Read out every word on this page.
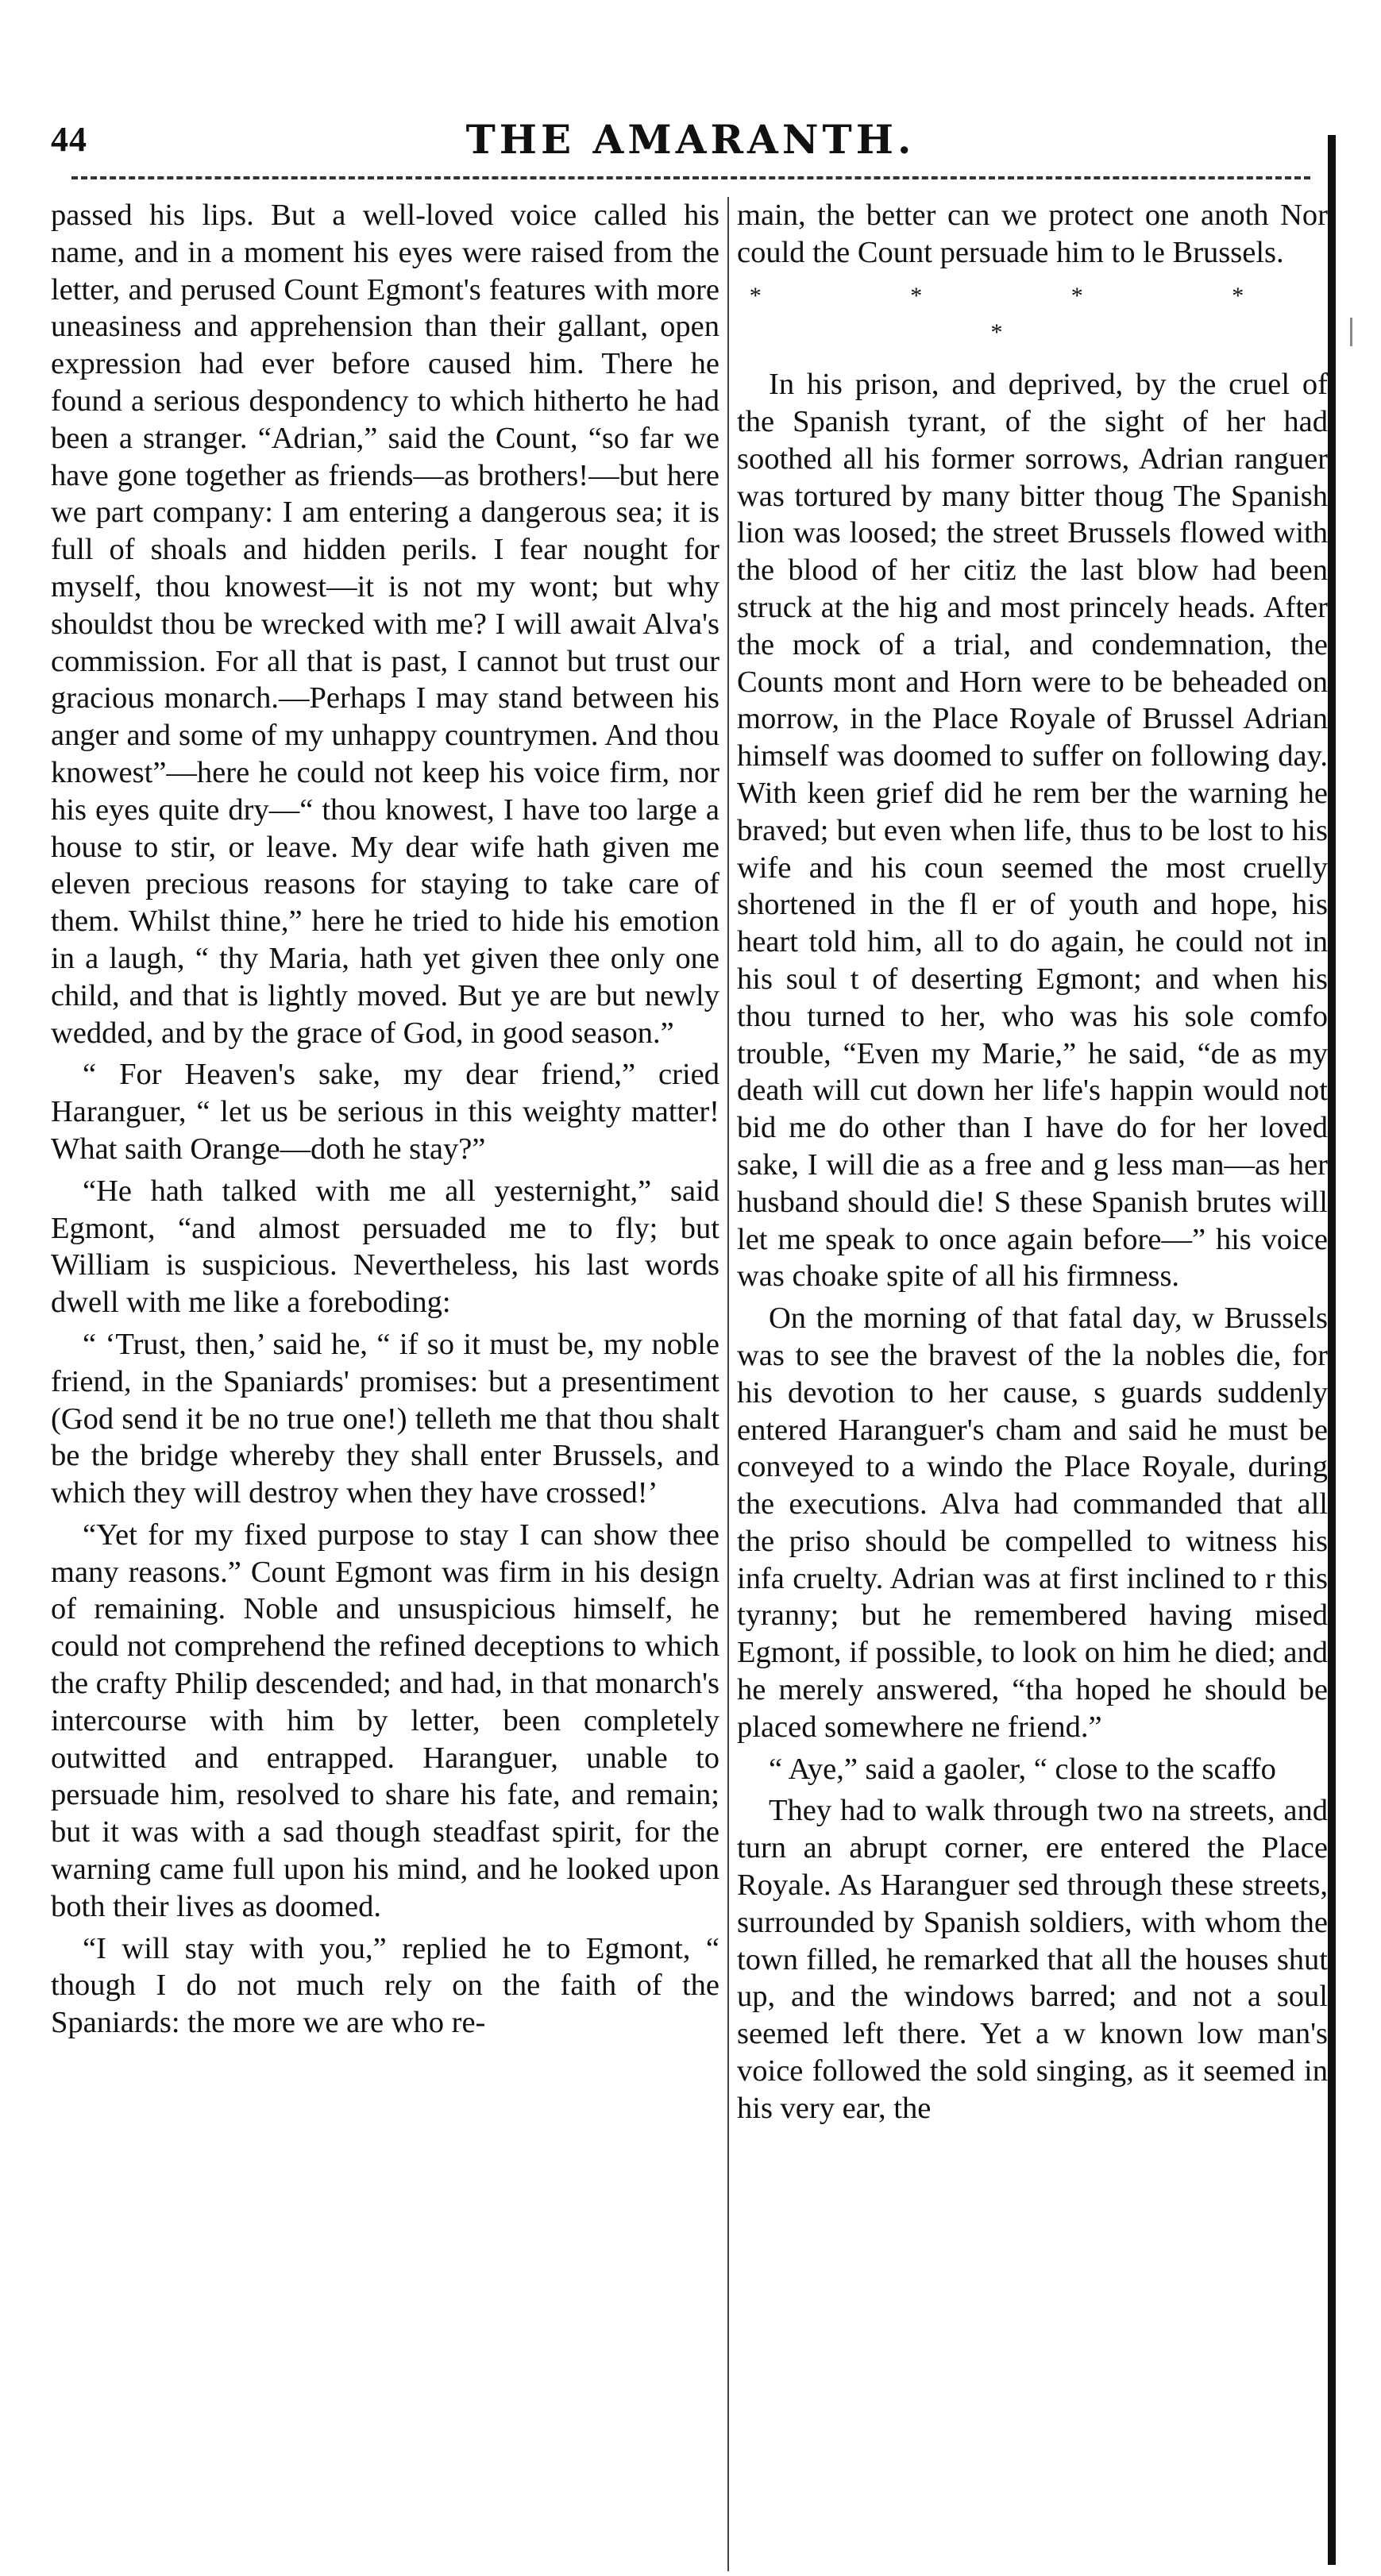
44	THE AMARANTH.

passed his lips. But a well-loved voice called his name, and in a moment his eyes were raised from the letter, and perused Count Egmont's features with more uneasiness and apprehension than their gallant, open expression had ever before caused him. There he found a serious despondency to which hitherto he had been a stranger. “Adrian,” said the Count, “so far we have gone together as friends—as brothers!—but here we part company: I am entering a dangerous sea; it is full of shoals and hidden perils. I fear nought for myself, thou knowest—it is not my wont; but why shouldst thou be wrecked with me? I will await Alva's commission. For all that is past, I cannot but trust our gracious monarch.—Perhaps I may stand between his anger and some of my unhappy countrymen. And thou knowest”—here he could not keep his voice firm, nor his eyes quite dry—“ thou knowest, I have too large a house to stir, or leave. My dear wife hath given me eleven precious reasons for staying to take care of them. Whilst thine,” here he tried to hide his emotion in a laugh, “ thy Maria, hath yet given thee only one child, and that is lightly moved. But ye are but newly wedded, and by the grace of God, in good season.”

“ For Heaven's sake, my dear friend,” cried Haranguer, “ let us be serious in this weighty matter! What saith Orange—doth he stay?”

“He hath talked with me all yesternight,” said Egmont, “and almost persuaded me to fly; but William is suspicious. Nevertheless, his last words dwell with me like a foreboding:

“ ‘Trust, then,’ said he, “ if so it must be, my noble friend, in the Spaniards' promises: but a presentiment (God send it be no true one!) telleth me that thou shalt be the bridge whereby they shall enter Brussels, and which they will destroy when they have crossed!’

“Yet for my fixed purpose to stay I can show thee many reasons.” Count Egmont was firm in his design of remaining. Noble and unsuspicious himself, he could not comprehend the refined deceptions to which the crafty Philip descended; and had, in that monarch's intercourse with him by letter, been completely outwitted and entrapped. Haranguer, unable to persuade him, resolved to share his fate, and remain; but it was with a sad though steadfast spirit, for the warning came full upon his mind, and he looked upon both their lives as doomed.

“I will stay with you,” replied he to Egmont, “ though I do not much rely on the faith of the Spaniards: the more we are who re-

main, the better can we protect one anoth Nor could the Count persuade him to le Brussels.

* * * * *

In his prison, and deprived, by the cruel of the Spanish tyrant, of the sight of her had soothed all his former sorrows, Adrian ranguer was tortured by many bitter thoug The Spanish lion was loosed; the street Brussels flowed with the blood of her citiz the last blow had been struck at the hig and most princely heads. After the mock of a trial, and condemnation, the Counts mont and Horn were to be beheaded on morrow, in the Place Royale of Brussel Adrian himself was doomed to suffer on following day. With keen grief did he rem ber the warning he braved; but even when life, thus to be lost to his wife and his coun seemed the most cruelly shortened in the fl er of youth and hope, his heart told him, all to do again, he could not in his soul t of deserting Egmont; and when his thou turned to her, who was his sole comfo trouble, “Even my Marie,” he said, “de as my death will cut down her life's happin would not bid me do other than I have do for her loved sake, I will die as a free and g less man—as her husband should die! S these Spanish brutes will let me speak to once again before—” his voice was choake spite of all his firmness.

On the morning of that fatal day, w Brussels was to see the bravest of the la nobles die, for his devotion to her cause, s guards suddenly entered Haranguer's cham and said he must be conveyed to a windo the Place Royale, during the executions. Alva had commanded that all the priso should be compelled to witness his infa cruelty. Adrian was at first inclined to r this tyranny; but he remembered having mised Egmont, if possible, to look on him he died; and he merely answered, “tha hoped he should be placed somewhere ne friend.”

“ Aye,” said a gaoler, “ close to the scaffo

They had to walk through two na streets, and turn an abrupt corner, ere entered the Place Royale. As Haranguer sed through these streets, surrounded by Spanish soldiers, with whom the town filled, he remarked that all the houses shut up, and the windows barred; and not a soul seemed left there. Yet a w known low man's voice followed the sold singing, as it seemed in his very ear, the
